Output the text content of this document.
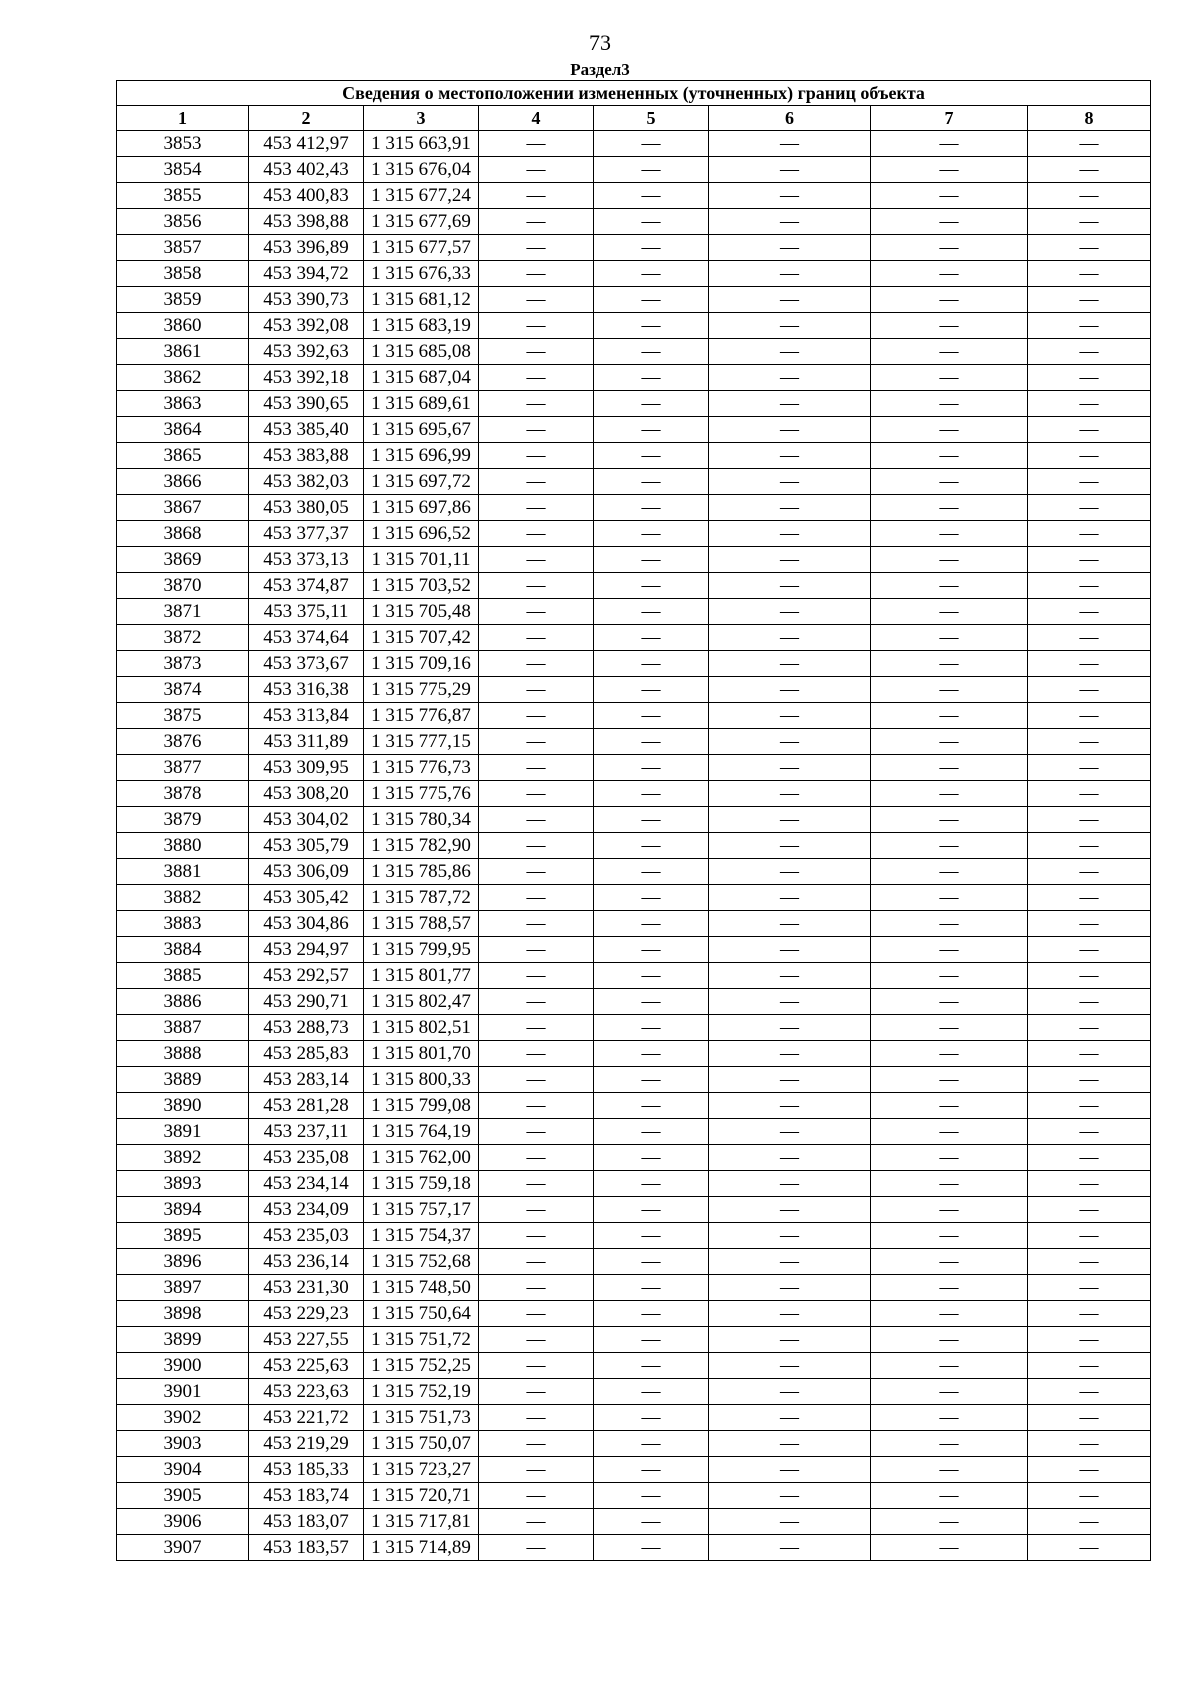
73
Раздел3
Сведения о местоположении измененных (уточненных) границ объекта							
1	2	3	4	5	6	7	8
3853	453 412,97	1 315 663,91	—	—	—	—	—
3854	453 402,43	1 315 676,04	—	—	—	—	—
3855	453 400,83	1 315 677,24	—	—	—	—	—
3856	453 398,88	1 315 677,69	—	—	—	—	—
3857	453 396,89	1 315 677,57	—	—	—	—	—
3858	453 394,72	1 315 676,33	—	—	—	—	—
3859	453 390,73	1 315 681,12	—	—	—	—	—
3860	453 392,08	1 315 683,19	—	—	—	—	—
3861	453 392,63	1 315 685,08	—	—	—	—	—
3862	453 392,18	1 315 687,04	—	—	—	—	—
3863	453 390,65	1 315 689,61	—	—	—	—	—
3864	453 385,40	1 315 695,67	—	—	—	—	—
3865	453 383,88	1 315 696,99	—	—	—	—	—
3866	453 382,03	1 315 697,72	—	—	—	—	—
3867	453 380,05	1 315 697,86	—	—	—	—	—
3868	453 377,37	1 315 696,52	—	—	—	—	—
3869	453 373,13	1 315 701,11	—	—	—	—	—
3870	453 374,87	1 315 703,52	—	—	—	—	—
3871	453 375,11	1 315 705,48	—	—	—	—	—
3872	453 374,64	1 315 707,42	—	—	—	—	—
3873	453 373,67	1 315 709,16	—	—	—	—	—
3874	453 316,38	1 315 775,29	—	—	—	—	—
3875	453 313,84	1 315 776,87	—	—	—	—	—
3876	453 311,89	1 315 777,15	—	—	—	—	—
3877	453 309,95	1 315 776,73	—	—	—	—	—
3878	453 308,20	1 315 775,76	—	—	—	—	—
3879	453 304,02	1 315 780,34	—	—	—	—	—
3880	453 305,79	1 315 782,90	—	—	—	—	—
3881	453 306,09	1 315 785,86	—	—	—	—	—
3882	453 305,42	1 315 787,72	—	—	—	—	—
3883	453 304,86	1 315 788,57	—	—	—	—	—
3884	453 294,97	1 315 799,95	—	—	—	—	—
3885	453 292,57	1 315 801,77	—	—	—	—	—
3886	453 290,71	1 315 802,47	—	—	—	—	—
3887	453 288,73	1 315 802,51	—	—	—	—	—
3888	453 285,83	1 315 801,70	—	—	—	—	—
3889	453 283,14	1 315 800,33	—	—	—	—	—
3890	453 281,28	1 315 799,08	—	—	—	—	—
3891	453 237,11	1 315 764,19	—	—	—	—	—
3892	453 235,08	1 315 762,00	—	—	—	—	—
3893	453 234,14	1 315 759,18	—	—	—	—	—
3894	453 234,09	1 315 757,17	—	—	—	—	—
3895	453 235,03	1 315 754,37	—	—	—	—	—
3896	453 236,14	1 315 752,68	—	—	—	—	—
3897	453 231,30	1 315 748,50	—	—	—	—	—
3898	453 229,23	1 315 750,64	—	—	—	—	—
3899	453 227,55	1 315 751,72	—	—	—	—	—
3900	453 225,63	1 315 752,25	—	—	—	—	—
3901	453 223,63	1 315 752,19	—	—	—	—	—
3902	453 221,72	1 315 751,73	—	—	—	—	—
3903	453 219,29	1 315 750,07	—	—	—	—	—
3904	453 185,33	1 315 723,27	—	—	—	—	—
3905	453 183,74	1 315 720,71	—	—	—	—	—
3906	453 183,07	1 315 717,81	—	—	—	—	—
3907	453 183,57	1 315 714,89	—	—	—	—	—
